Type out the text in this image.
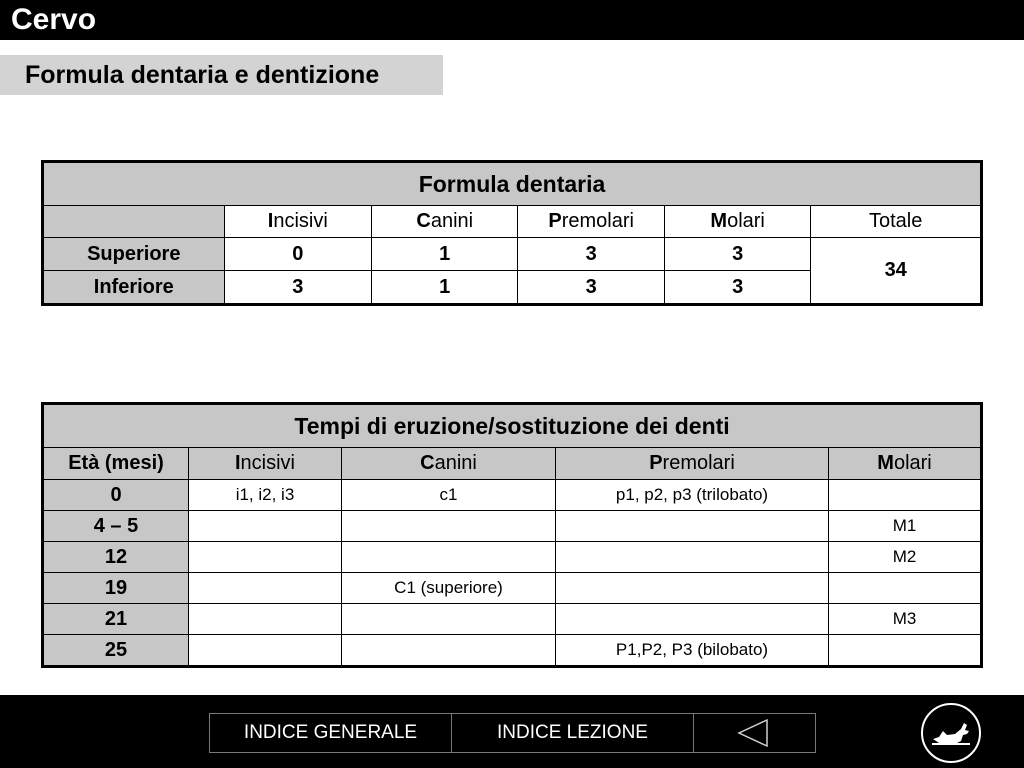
Cervo
Formula dentaria e dentizione
Formula dentaria					
	Incisivi	Canini	Premolari	Molari	Totale
Superiore	0	1	3	3	34
Inferiore	3	1	3	3	
Tempi di eruzione/sostituzione dei denti				
Età (mesi)	Incisivi	Canini	Premolari	Molari
0	i1, i2, i3	c1	p1, p2, p3 (trilobato)	
4 – 5				M1
12				M2
19		C1 (superiore)		
21				M3
25			P1,P2, P3 (bilobato)	
INDICE GENERALE	INDICE LEZIONE
